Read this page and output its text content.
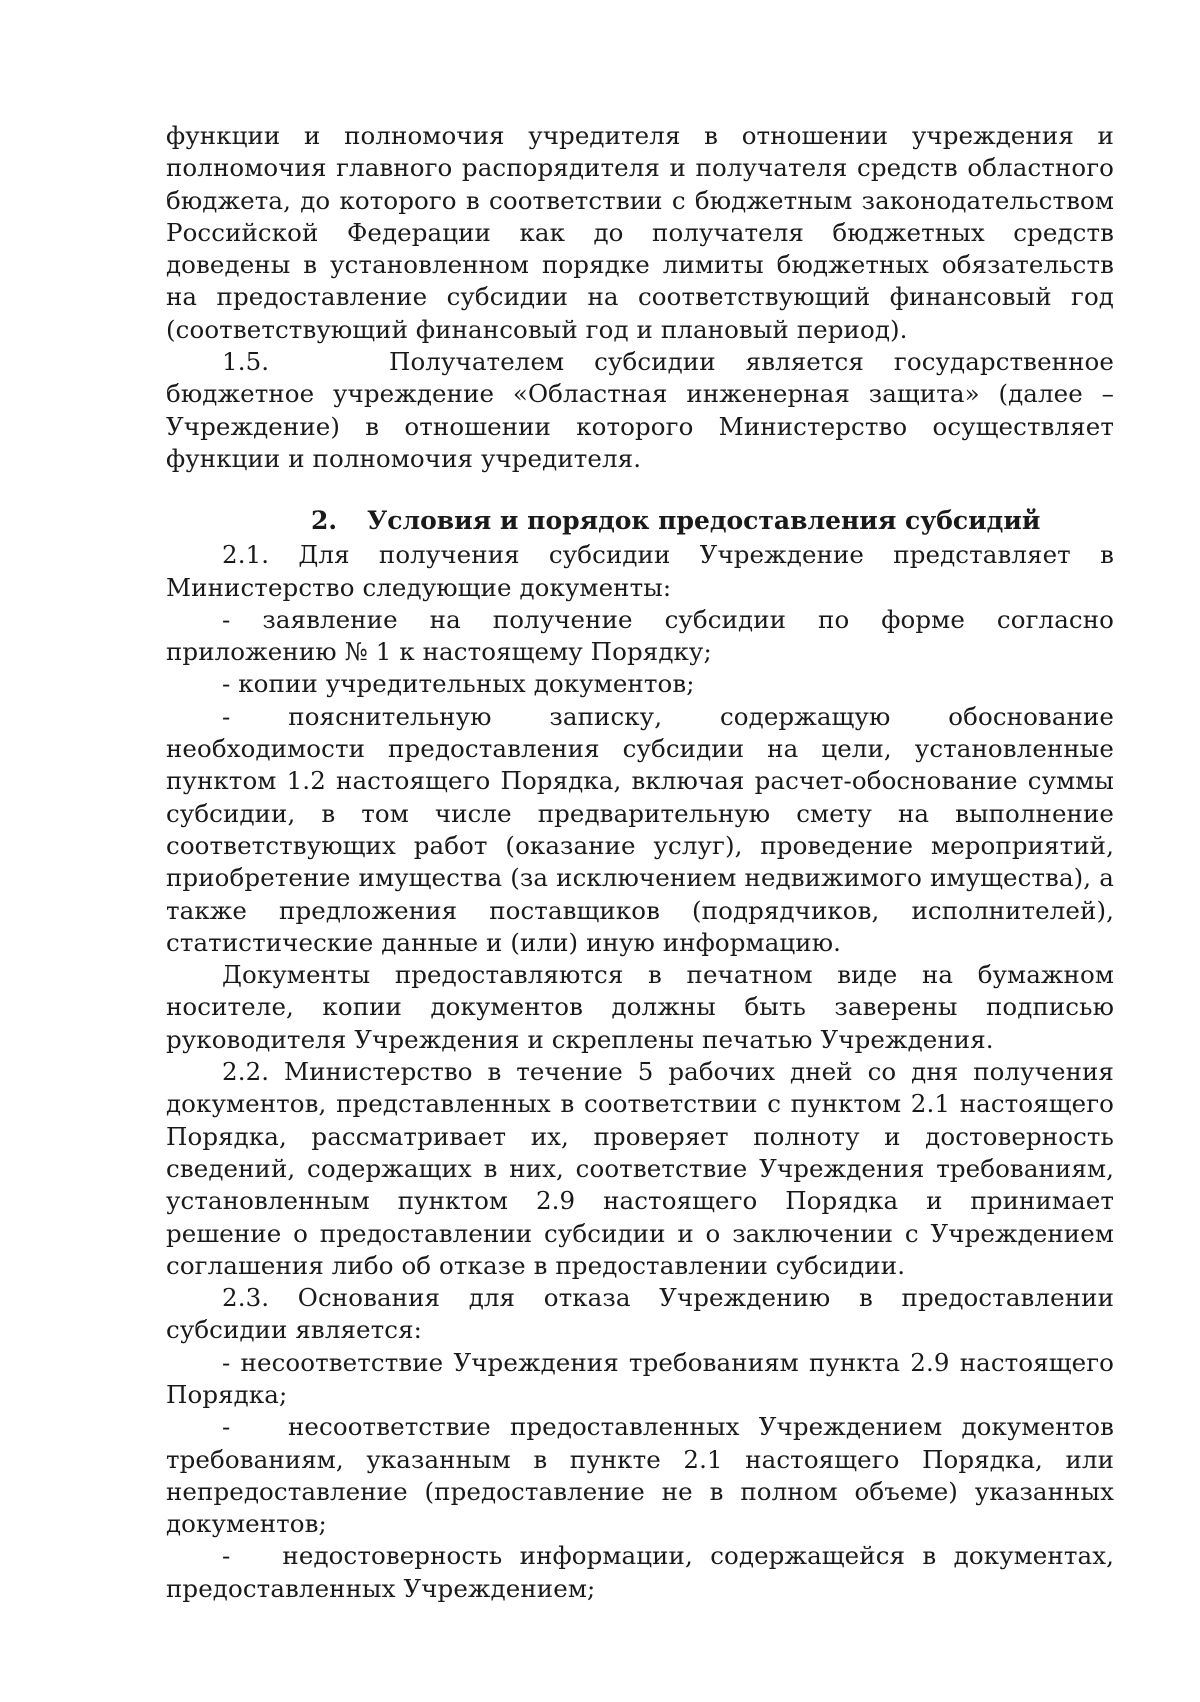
функции и полномочия учредителя в отношении учреждения и полномочия главного распорядителя и получателя средств областного бюджета, до которого в соответствии с бюджетным законодательством Российской Федерации как до получателя бюджетных средств доведены в установленном порядке лимиты бюджетных обязательств на предоставление субсидии на соответствующий финансовый год (соответствующий финансовый год и плановый период).

1.5.    Получателем субсидии является государственное бюджетное учреждение «Областная инженерная защита» (далее – Учреждение) в отношении которого Министерство осуществляет функции и полномочия учредителя.

2. Условия и порядок предоставления субсидий

2.1. Для получения субсидии Учреждение представляет в Министерство следующие документы:

- заявление на получение субсидии по форме согласно приложению № 1 к настоящему Порядку;

- копии учредительных документов;

- пояснительную записку, содержащую обоснование необходимости предоставления субсидии на цели, установленные пунктом 1.2 настоящего Порядка, включая расчет-обоснование суммы субсидии, в том числе предварительную смету на выполнение соответствующих работ (оказание услуг), проведение мероприятий, приобретение имущества (за исключением недвижимого имущества), а также предложения поставщиков (подрядчиков, исполнителей), статистические данные и (или) иную информацию.

Документы предоставляются в печатном виде на бумажном носителе, копии документов должны быть заверены подписью руководителя Учреждения и скреплены печатью Учреждения.

2.2. Министерство в течение 5 рабочих дней со дня получения документов, представленных в соответствии с пунктом 2.1 настоящего Порядка, рассматривает их, проверяет полноту и достоверность сведений, содержащих в них, соответствие Учреждения требованиям, установленным пунктом 2.9 настоящего Порядка и принимает решение о предоставлении субсидии и о заключении с Учреждением соглашения либо об отказе в предоставлении субсидии.

2.3. Основания для отказа Учреждению в предоставлении субсидии является:

- несоответствие Учреждения требованиям пункта 2.9 настоящего Порядка;

-   несоответствие предоставленных Учреждением документов требованиям, указанным в пункте 2.1 настоящего Порядка, или непредоставление (предоставление не в полном объеме) указанных документов;

-   недостоверность информации, содержащейся в документах, предоставленных Учреждением;
